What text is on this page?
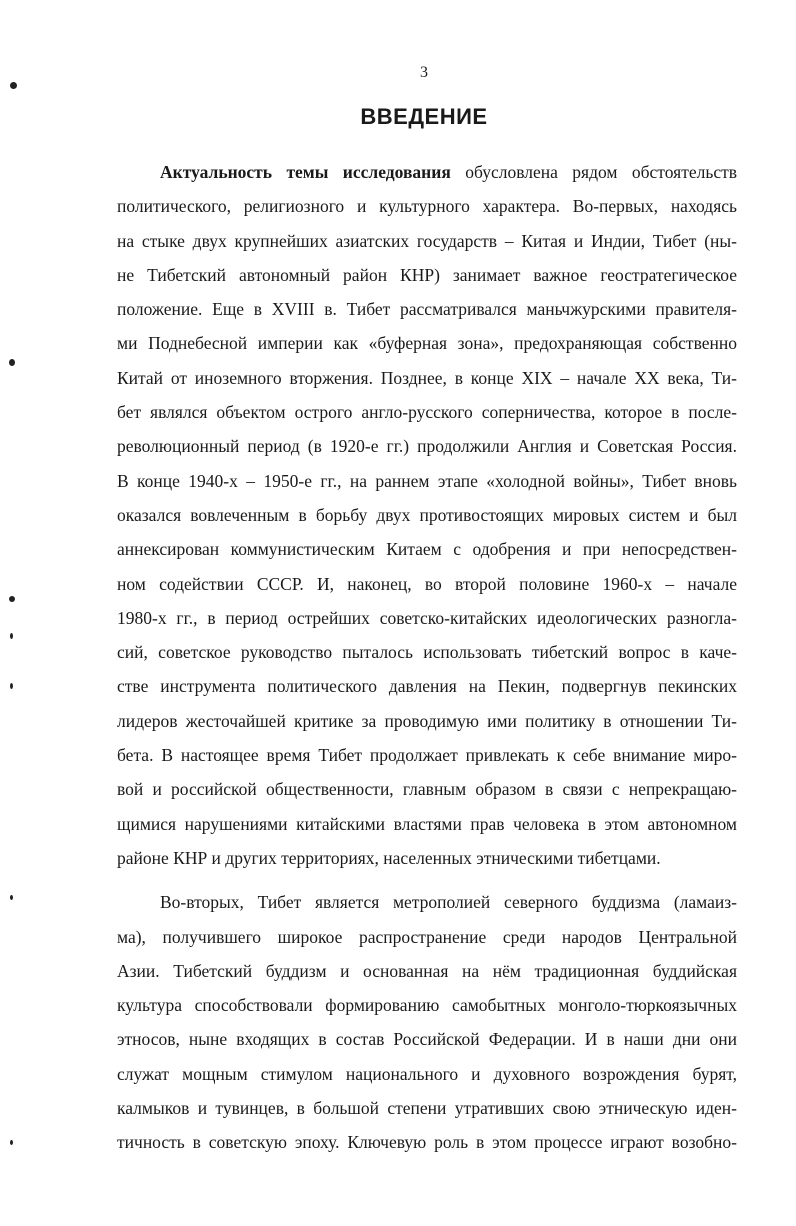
3
ВВЕДЕНИЕ
Актуальность темы исследования обусловлена рядом обстоятельств
политического, религиозного и культурного характера. Во-первых, находясь
на стыке двух крупнейших азиатских государств – Китая и Индии, Тибет (ны-
не Тибетский автономный район КНР) занимает важное геостратегическое
положение. Еще в XVIII в. Тибет рассматривался маньчжурскими правителя-
ми Поднебесной империи как «буферная зона», предохраняющая собственно
Китай от иноземного вторжения. Позднее, в конце XIX – начале XX века, Ти-
бет являлся объектом острого англо-русского соперничества, которое в после-
революционный период (в 1920-е гг.) продолжили Англия и Советская Россия.
В конце 1940-х – 1950-е гг., на раннем этапе «холодной войны», Тибет вновь
оказался вовлеченным в борьбу двух противостоящих мировых систем и был
аннексирован коммунистическим Китаем с одобрения и при непосредствен-
ном содействии СССР. И, наконец, во второй половине 1960-х – начале
1980-х гг., в период острейших советско-китайских идеологических разногла-
сий, советское руководство пыталось использовать тибетский вопрос в каче-
стве инструмента политического давления на Пекин, подвергнув пекинских
лидеров жесточайшей критике за проводимую ими политику в отношении Ти-
бета. В настоящее время Тибет продолжает привлекать к себе внимание миро-
вой и российской общественности, главным образом в связи с непрекращаю-
щимися нарушениями китайскими властями прав человека в этом автономном
районе КНР и других территориях, населенных этническими тибетцами.
Во-вторых, Тибет является метрополией северного буддизма (ламаиз-
ма), получившего широкое распространение среди народов Центральной
Азии. Тибетский буддизм и основанная на нём традиционная буддийская
культура способствовали формированию самобытных монголо-тюркоязычных
этносов, ныне входящих в состав Российской Федерации. И в наши дни они
служат мощным стимулом национального и духовного возрождения бурят,
калмыков и тувинцев, в большой степени утративших свою этническую иден-
тичность в советскую эпоху. Ключевую роль в этом процессе играют возобно-
